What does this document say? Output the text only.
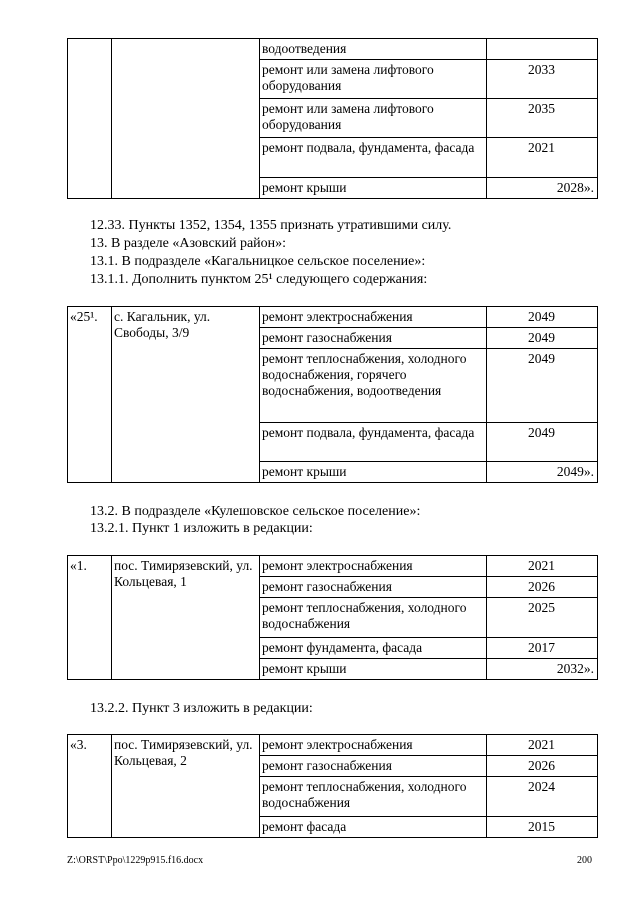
		водоотведения	
		ремонт или замена лифтового оборудования	2033
		ремонт или замена лифтового оборудования	2035
		ремонт подвала, фундамента, фасада	2021
		ремонт крыши	2028».
12.33. Пункты 1352, 1354, 1355 признать утратившими силу.
13. В разделе «Азовский район»:
13.1. В подразделе «Кагальницкое сельское поселение»:
13.1.1. Дополнить пунктом 25¹ следующего содержания:
«25¹.	с. Кагальник, ул. Свободы, 3/9	ремонт электроснабжения	2049
		ремонт газоснабжения	2049
		ремонт теплоснабжения, холодного водоснабжения, горячего водоснабжения, водоотведения	2049
		ремонт подвала, фундамента, фасада	2049
		ремонт крыши	2049».
13.2. В подразделе «Кулешовское сельское поселение»:
13.2.1. Пункт 1 изложить в редакции:
«1.	пос. Тимирязевский, ул. Кольцевая, 1	ремонт электроснабжения	2021
		ремонт газоснабжения	2026
		ремонт теплоснабжения, холодного водоснабжения	2025
		ремонт фундамента, фасада	2017
		ремонт крыши	2032».
13.2.2. Пункт 3 изложить в редакции:
«3.	пос. Тимирязевский, ул. Кольцевая, 2	ремонт электроснабжения	2021
		ремонт газоснабжения	2026
		ремонт теплоснабжения, холодного водоснабжения	2024
		ремонт фасада	2015
Z:\ORST\Ppo\1229p915.f16.docx	200
